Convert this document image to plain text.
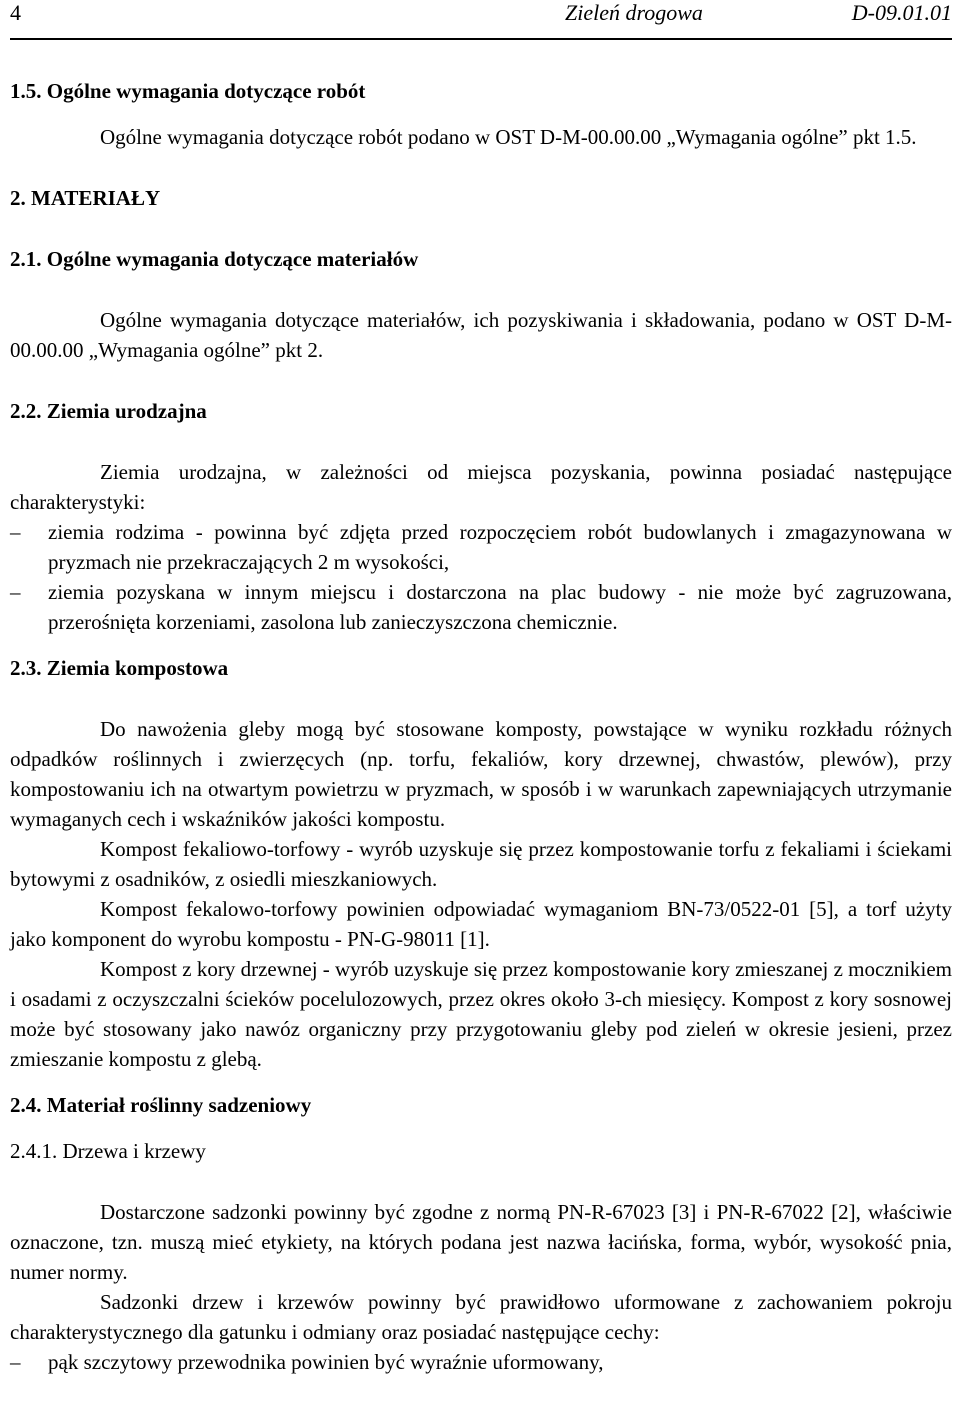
4	Zieleń drogowa	D-09.01.01
1.5. Ogólne wymagania dotyczące robót

Ogólne wymagania dotyczące robót podano w OST D-M-00.00.00 „Wymagania ogólne” pkt 1.5.

2. MATERIAŁY
2.1. Ogólne wymagania dotyczące materiałów

Ogólne wymagania dotyczące materiałów, ich pozyskiwania i składowania, podano w OST D-M-00.00.00 „Wymagania ogólne” pkt 2.

2.2. Ziemia urodzajna

Ziemia urodzajna, w zależności od miejsca pozyskania, powinna posiadać następujące charakterystyki:

– ziemia rodzima - powinna być zdjęta przed rozpoczęciem robót budowlanych i zmagazynowana w pryzmach nie przekraczających 2 m wysokości,
– ziemia pozyskana w innym miejscu i dostarczona na plac budowy - nie może być zagruzowana, przerośnięta korzeniami, zasolona lub zanieczyszczona chemicznie.
2.3. Ziemia kompostowa

Do nawożenia gleby mogą być stosowane komposty, powstające w wyniku rozkładu różnych odpadków roślinnych i zwierzęcych (np. torfu, fekaliów, kory drzewnej, chwastów, plewów), przy kompostowaniu ich na otwartym powietrzu w pryzmach, w sposób i w warunkach zapewniających utrzymanie wymaganych cech i wskaźników jakości kompostu.

Kompost fekaliowo-torfowy - wyrób uzyskuje się przez kompostowanie torfu z fekaliami i ściekami bytowymi z osadników, z osiedli mieszkaniowych.

Kompost fekalowo-torfowy powinien odpowiadać wymaganiom BN-73/0522-01 [5], a torf użyty jako komponent do wyrobu kompostu - PN-G-98011 [1].

Kompost z kory drzewnej - wyrób uzyskuje się przez kompostowanie kory zmieszanej z mocznikiem i osadami z oczyszczalni ścieków pocelulozowych, przez okres około 3-ch miesięcy. Kompost z kory sosnowej może być stosowany jako nawóz organiczny przy przygotowaniu gleby pod zieleń w okresie jesieni, przez zmieszanie kompostu z glebą.

2.4. Materiał roślinny sadzeniowy
2.4.1. Drzewa i krzewy

Dostarczone sadzonki powinny być zgodne z normą PN-R-67023 [3] i PN-R-67022 [2], właściwie oznaczone, tzn. muszą mieć etykiety, na których podana jest nazwa łacińska, forma, wybór, wysokość pnia, numer normy.

Sadzonki drzew i krzewów powinny być prawidłowo uformowane z zachowaniem pokroju charakterystycznego dla gatunku i odmiany oraz posiadać następujące cechy:

– pąk szczytowy przewodnika powinien być wyraźnie uformowany,
